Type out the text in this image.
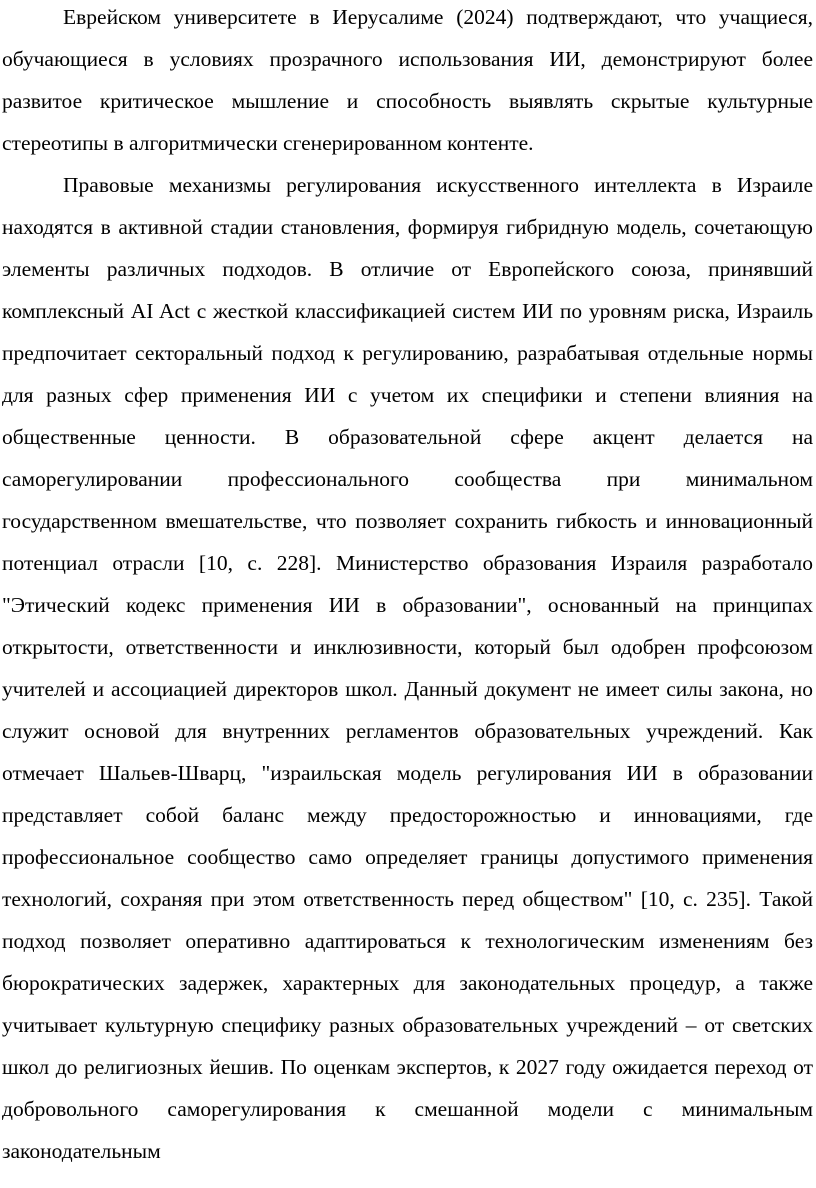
Еврейском университете в Иерусалиме (2024) подтверждают, что учащиеся, обучающиеся в условиях прозрачного использования ИИ, демонстрируют более развитое критическое мышление и способность выявлять скрытые культурные стереотипы в алгоритмически сгенерированном контенте.

Правовые механизмы регулирования искусственного интеллекта в Израиле находятся в активной стадии становления, формируя гибридную модель, сочетающую элементы различных подходов. В отличие от Европейского союза, принявший комплексный AI Act с жесткой классификацией систем ИИ по уровням риска, Израиль предпочитает секторальный подход к регулированию, разрабатывая отдельные нормы для разных сфер применения ИИ с учетом их специфики и степени влияния на общественные ценности. В образовательной сфере акцент делается на саморегулировании профессионального сообщества при минимальном государственном вмешательстве, что позволяет сохранить гибкость и инновационный потенциал отрасли [10, с. 228]. Министерство образования Израиля разработало "Этический кодекс применения ИИ в образовании", основанный на принципах открытости, ответственности и инклюзивности, который был одобрен профсоюзом учителей и ассоциацией директоров школ. Данный документ не имеет силы закона, но служит основой для внутренних регламентов образовательных учреждений. Как отмечает Шальев-Шварц, "израильская модель регулирования ИИ в образовании представляет собой баланс между предосторожностью и инновациями, где профессиональное сообщество само определяет границы допустимого применения технологий, сохраняя при этом ответственность перед обществом" [10, с. 235]. Такой подход позволяет оперативно адаптироваться к технологическим изменениям без бюрократических задержек, характерных для законодательных процедур, а также учитывает культурную специфику разных образовательных учреждений – от светских школ до религиозных йешив. По оценкам экспертов, к 2027 году ожидается переход от добровольного саморегулирования к смешанной модели с минимальным законодательным
